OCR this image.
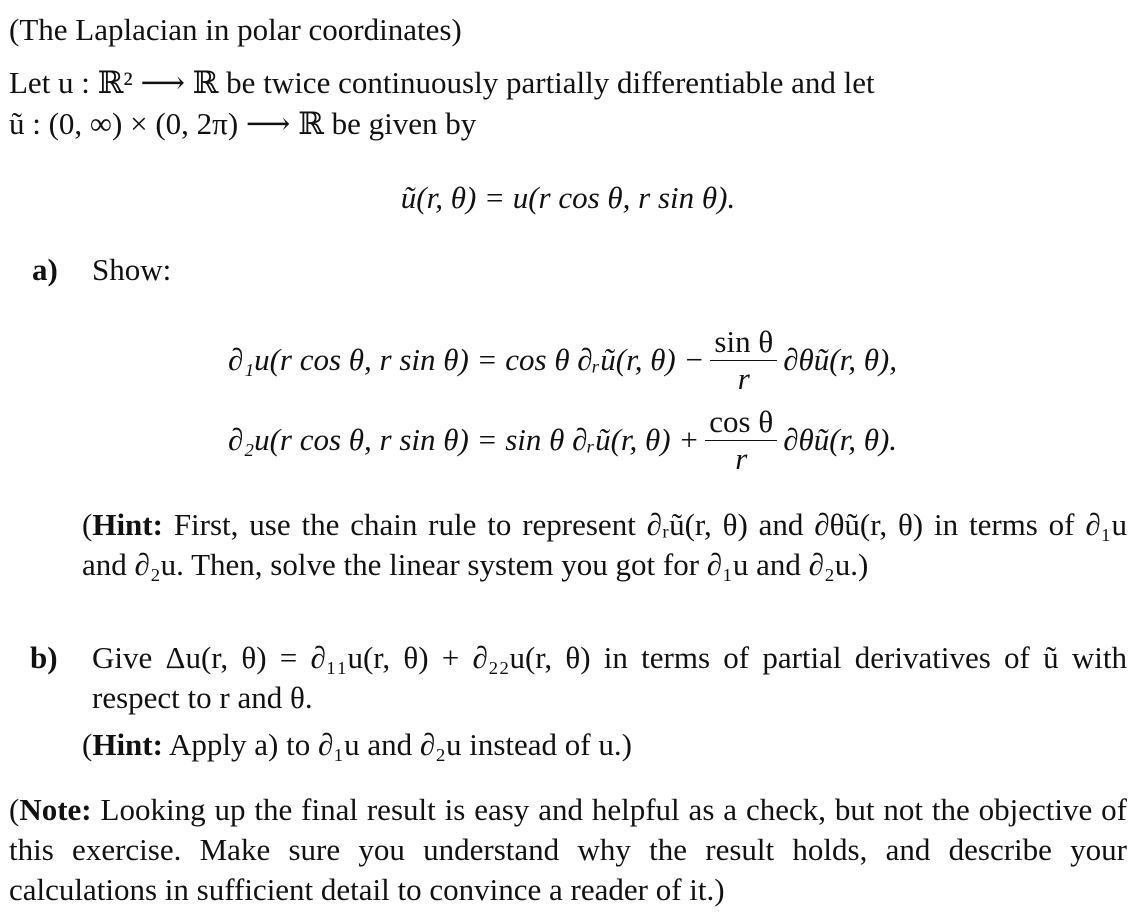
(The Laplacian in polar coordinates)
Let u : ℝ² ⟶ ℝ be twice continuously partially differentiable and let
ũ : (0, ∞) × (0, 2π) ⟶ ℝ be given by
ũ(r, θ) = u(r cos θ, r sin θ).
a) Show:
∂₁u(r cos θ, r sin θ) = cos θ ∂ᵣũ(r, $\theta) - \frac{\text{sin θ}}{r}$ ∂θũ(r, θ),
∂₂u(r cos θ, r sin θ) = sin θ ∂ᵣũ(r, $\theta) + \frac{\text{cos θ}}{r}$ ∂θũ(r, θ).
(Hint: First, use the chain rule to represent ∂ᵣũ(r, θ) and ∂θũ(r, θ) in terms of ∂₁u and ∂₂u. Then, solve the linear system you got for ∂₁u and ∂₂u.)
b) Give Δu(r, θ) = ∂₁₁u(r, θ) + ∂₂₂u(r, θ) in terms of partial derivatives of ũ with respect to r and θ.
(Hint: Apply a) to ∂₁u and ∂₂u instead of u.)
(Note: Looking up the final result is easy and helpful as a check, but not the objective of this exercise. Make sure you understand why the result holds, and describe your calculations in sufficient detail to convince a reader of it.)
